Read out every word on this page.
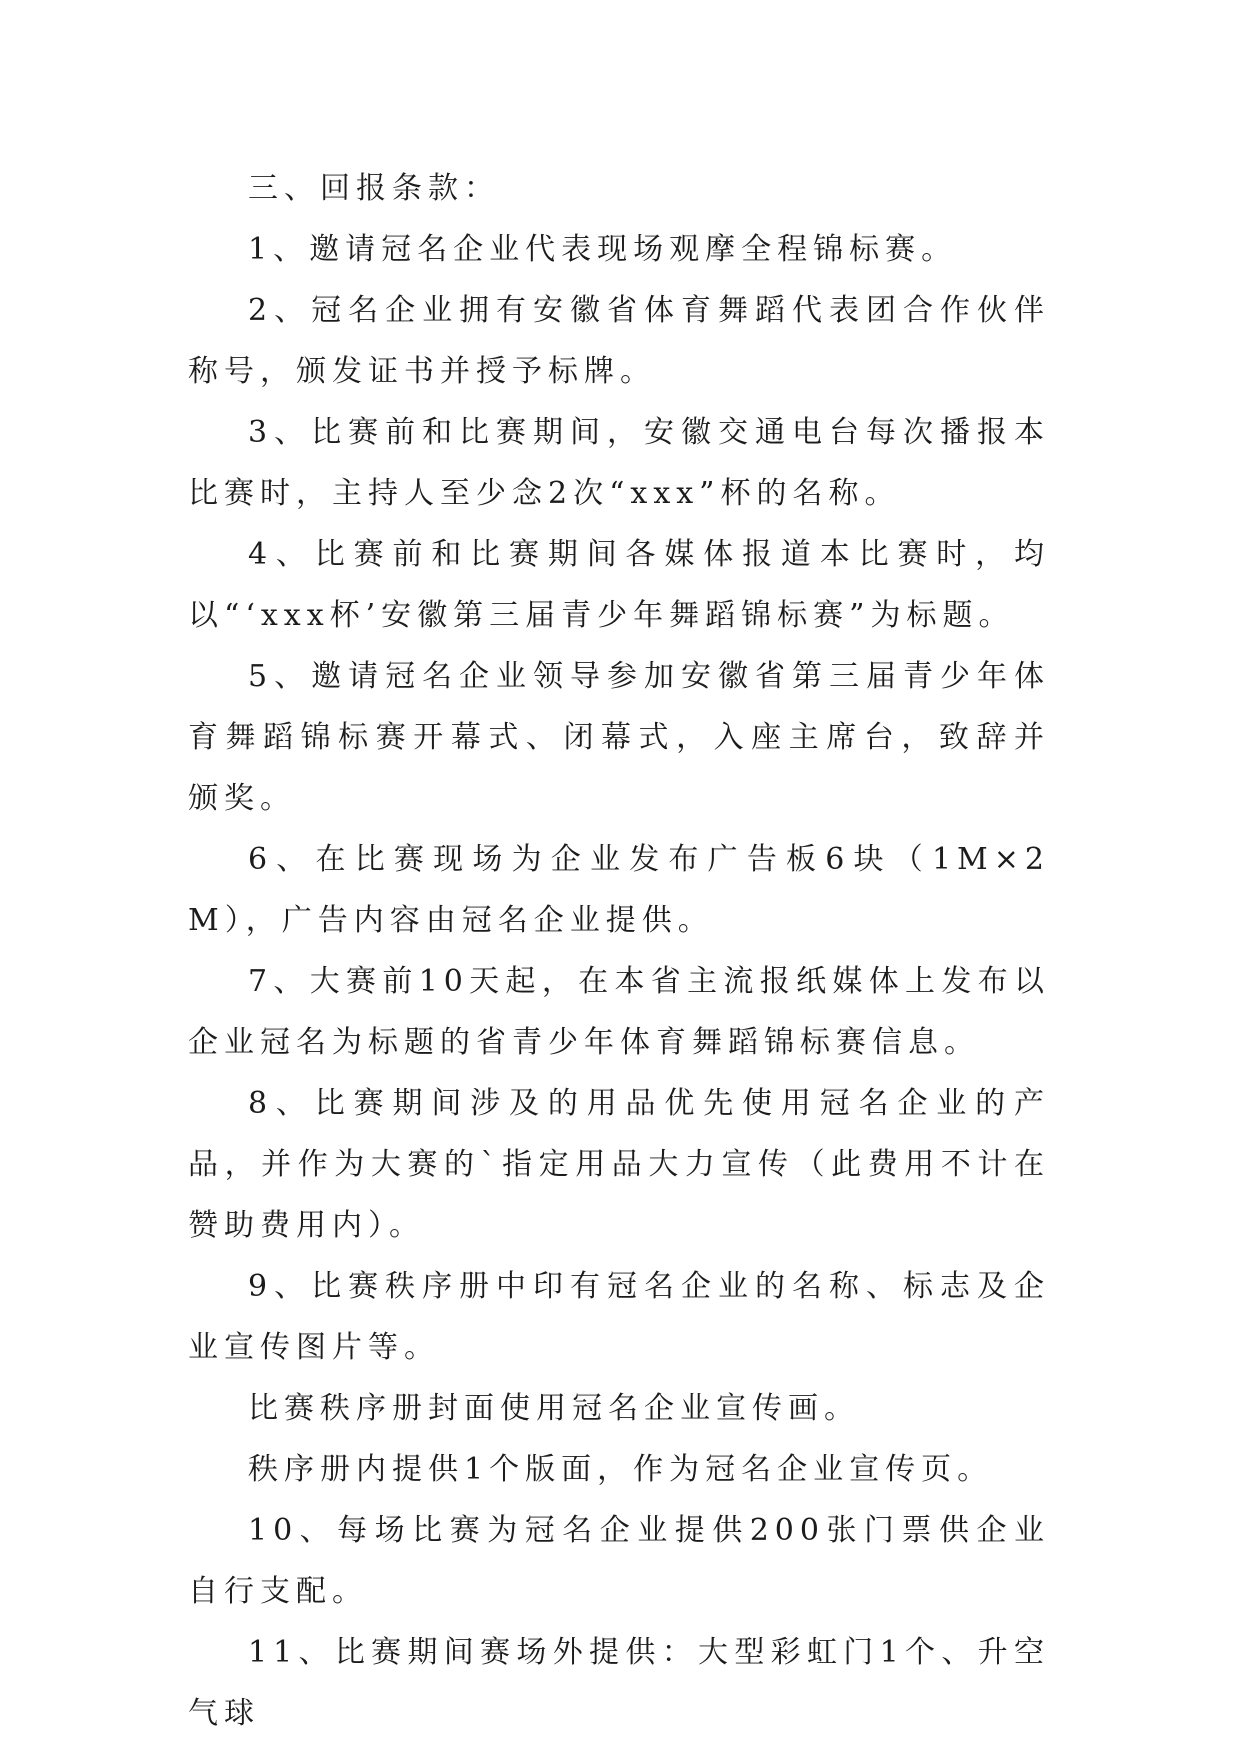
三、回报条款：

1、邀请冠名企业代表现场观摩全程锦标赛。

2、冠名企业拥有安徽省体育舞蹈代表团合作伙伴称号，颁发证书并授予标牌。

3、比赛前和比赛期间，安徽交通电台每次播报本比赛时，主持人至少念2次“xxx”杯的名称。

4、比赛前和比赛期间各媒体报道本比赛时，均以“‘xxx杯’安徽第三届青少年舞蹈锦标赛”为标题。

5、邀请冠名企业领导参加安徽省第三届青少年体育舞蹈锦标赛开幕式、闭幕式，入座主席台，致辞并颁奖。

6、在比赛现场为企业发布广告板6块（1M×2M），广告内容由冠名企业提供。

7、大赛前10天起，在本省主流报纸媒体上发布以企业冠名为标题的省青少年体育舞蹈锦标赛信息。

8、比赛期间涉及的用品优先使用冠名企业的产品，并作为大赛的`指定用品大力宣传（此费用不计在赞助费用内）。

9、比赛秩序册中印有冠名企业的名称、标志及企业宣传图片等。

比赛秩序册封面使用冠名企业宣传画。

秩序册内提供1个版面，作为冠名企业宣传页。

10、每场比赛为冠名企业提供200张门票供企业自行支配。

11、比赛期间赛场外提供：大型彩虹门1个、升空气球
